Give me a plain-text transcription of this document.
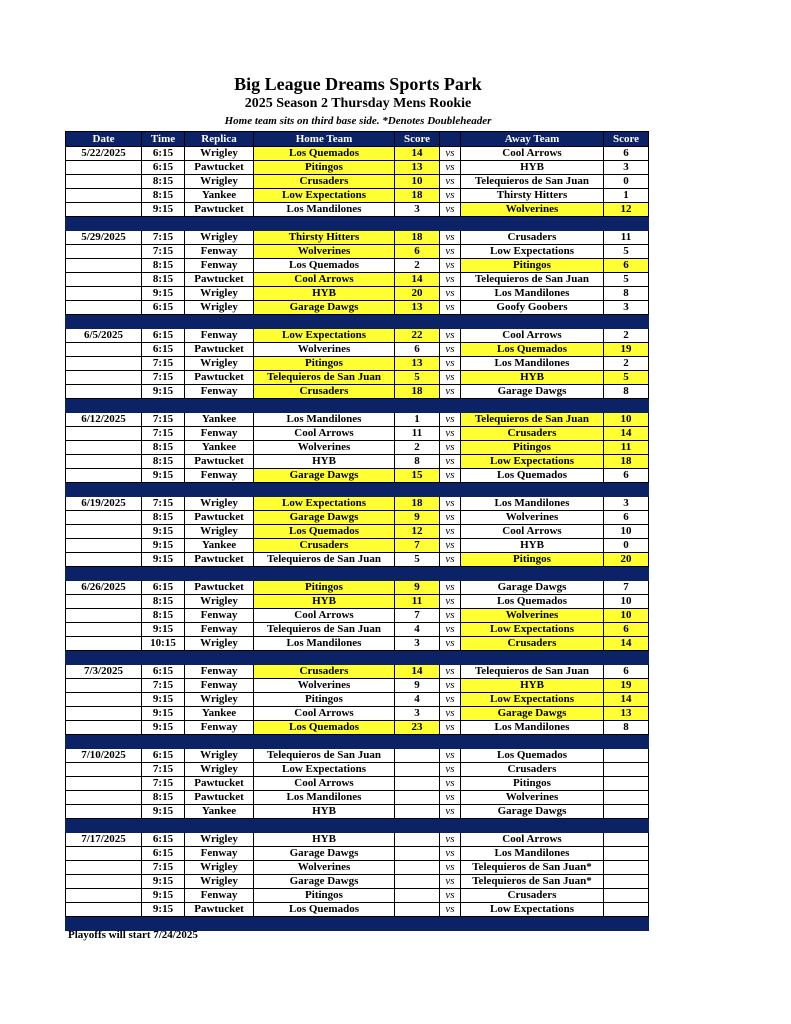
Big League Dreams Sports Park
2025 Season 2 Thursday Mens Rookie
Home team sits on third base side. *Denotes Doubleheader
Date	Time	Replica	Home Team	Score		Away Team	Score
5/22/2025	6:15	Wrigley	Los Quemados	14	vs	Cool Arrows	6
	6:15	Pawtucket	Pitingos	13	vs	HYB	3
	8:15	Wrigley	Crusaders	10	vs	Telequieros de San Juan	0
	8:15	Yankee	Low Expectations	18	vs	Thirsty Hitters	1
	9:15	Pawtucket	Los Mandilones	3	vs	Wolverines	12

5/29/2025	7:15	Wrigley	Thirsty Hitters	18	vs	Crusaders	11
	7:15	Fenway	Wolverines	6	vs	Low Expectations	5
	8:15	Fenway	Los Quemados	2	vs	Pitingos	6
	8:15	Pawtucket	Cool Arrows	14	vs	Telequieros de San Juan	5
	9:15	Wrigley	HYB	20	vs	Los Mandilones	8
	6:15	Wrigley	Garage Dawgs	13	vs	Goofy Goobers	3

6/5/2025	6:15	Fenway	Low Expectations	22	vs	Cool Arrows	2
	6:15	Pawtucket	Wolverines	6	vs	Los Quemados	19
	7:15	Wrigley	Pitingos	13	vs	Los Mandilones	2
	7:15	Pawtucket	Telequieros de San Juan	5	vs	HYB	5
	9:15	Fenway	Crusaders	18	vs	Garage Dawgs	8

6/12/2025	7:15	Yankee	Los Mandilones	1	vs	Telequieros de San Juan	10
	7:15	Fenway	Cool Arrows	11	vs	Crusaders	14
	8:15	Yankee	Wolverines	2	vs	Pitingos	11
	8:15	Pawtucket	HYB	8	vs	Low Expectations	18
	9:15	Fenway	Garage Dawgs	15	vs	Los Quemados	6

6/19/2025	7:15	Wrigley	Low Expectations	18	vs	Los Mandilones	3
	8:15	Pawtucket	Garage Dawgs	9	vs	Wolverines	6
	9:15	Wrigley	Los Quemados	12	vs	Cool Arrows	10
	9:15	Yankee	Crusaders	7	vs	HYB	0
	9:15	Pawtucket	Telequieros de San Juan	5	vs	Pitingos	20

6/26/2025	6:15	Pawtucket	Pitingos	9	vs	Garage Dawgs	7
	8:15	Wrigley	HYB	11	vs	Los Quemados	10
	8:15	Fenway	Cool Arrows	7	vs	Wolverines	10
	9:15	Fenway	Telequieros de San Juan	4	vs	Low Expectations	6
	10:15	Wrigley	Los Mandilones	3	vs	Crusaders	14

7/3/2025	6:15	Fenway	Crusaders	14	vs	Telequieros de San Juan	6
	7:15	Fenway	Wolverines	9	vs	HYB	19
	9:15	Wrigley	Pitingos	4	vs	Low Expectations	14
	9:15	Yankee	Cool Arrows	3	vs	Garage Dawgs	13
	9:15	Fenway	Los Quemados	23	vs	Los Mandilones	8

7/10/2025	6:15	Wrigley	Telequieros de San Juan		vs	Los Quemados	
	7:15	Wrigley	Low Expectations		vs	Crusaders	
	7:15	Pawtucket	Cool Arrows		vs	Pitingos	
	8:15	Pawtucket	Los Mandilones		vs	Wolverines	
	9:15	Yankee	HYB		vs	Garage Dawgs	

7/17/2025	6:15	Wrigley	HYB		vs	Cool Arrows	
	6:15	Fenway	Garage Dawgs		vs	Los Mandilones	
	7:15	Wrigley	Wolverines		vs	Telequieros de San Juan*	
	9:15	Wrigley	Garage Dawgs		vs	Telequieros de San Juan*	
	9:15	Fenway	Pitingos		vs	Crusaders	
	9:15	Pawtucket	Los Quemados		vs	Low Expectations	

Playoffs will start 7/24/2025
